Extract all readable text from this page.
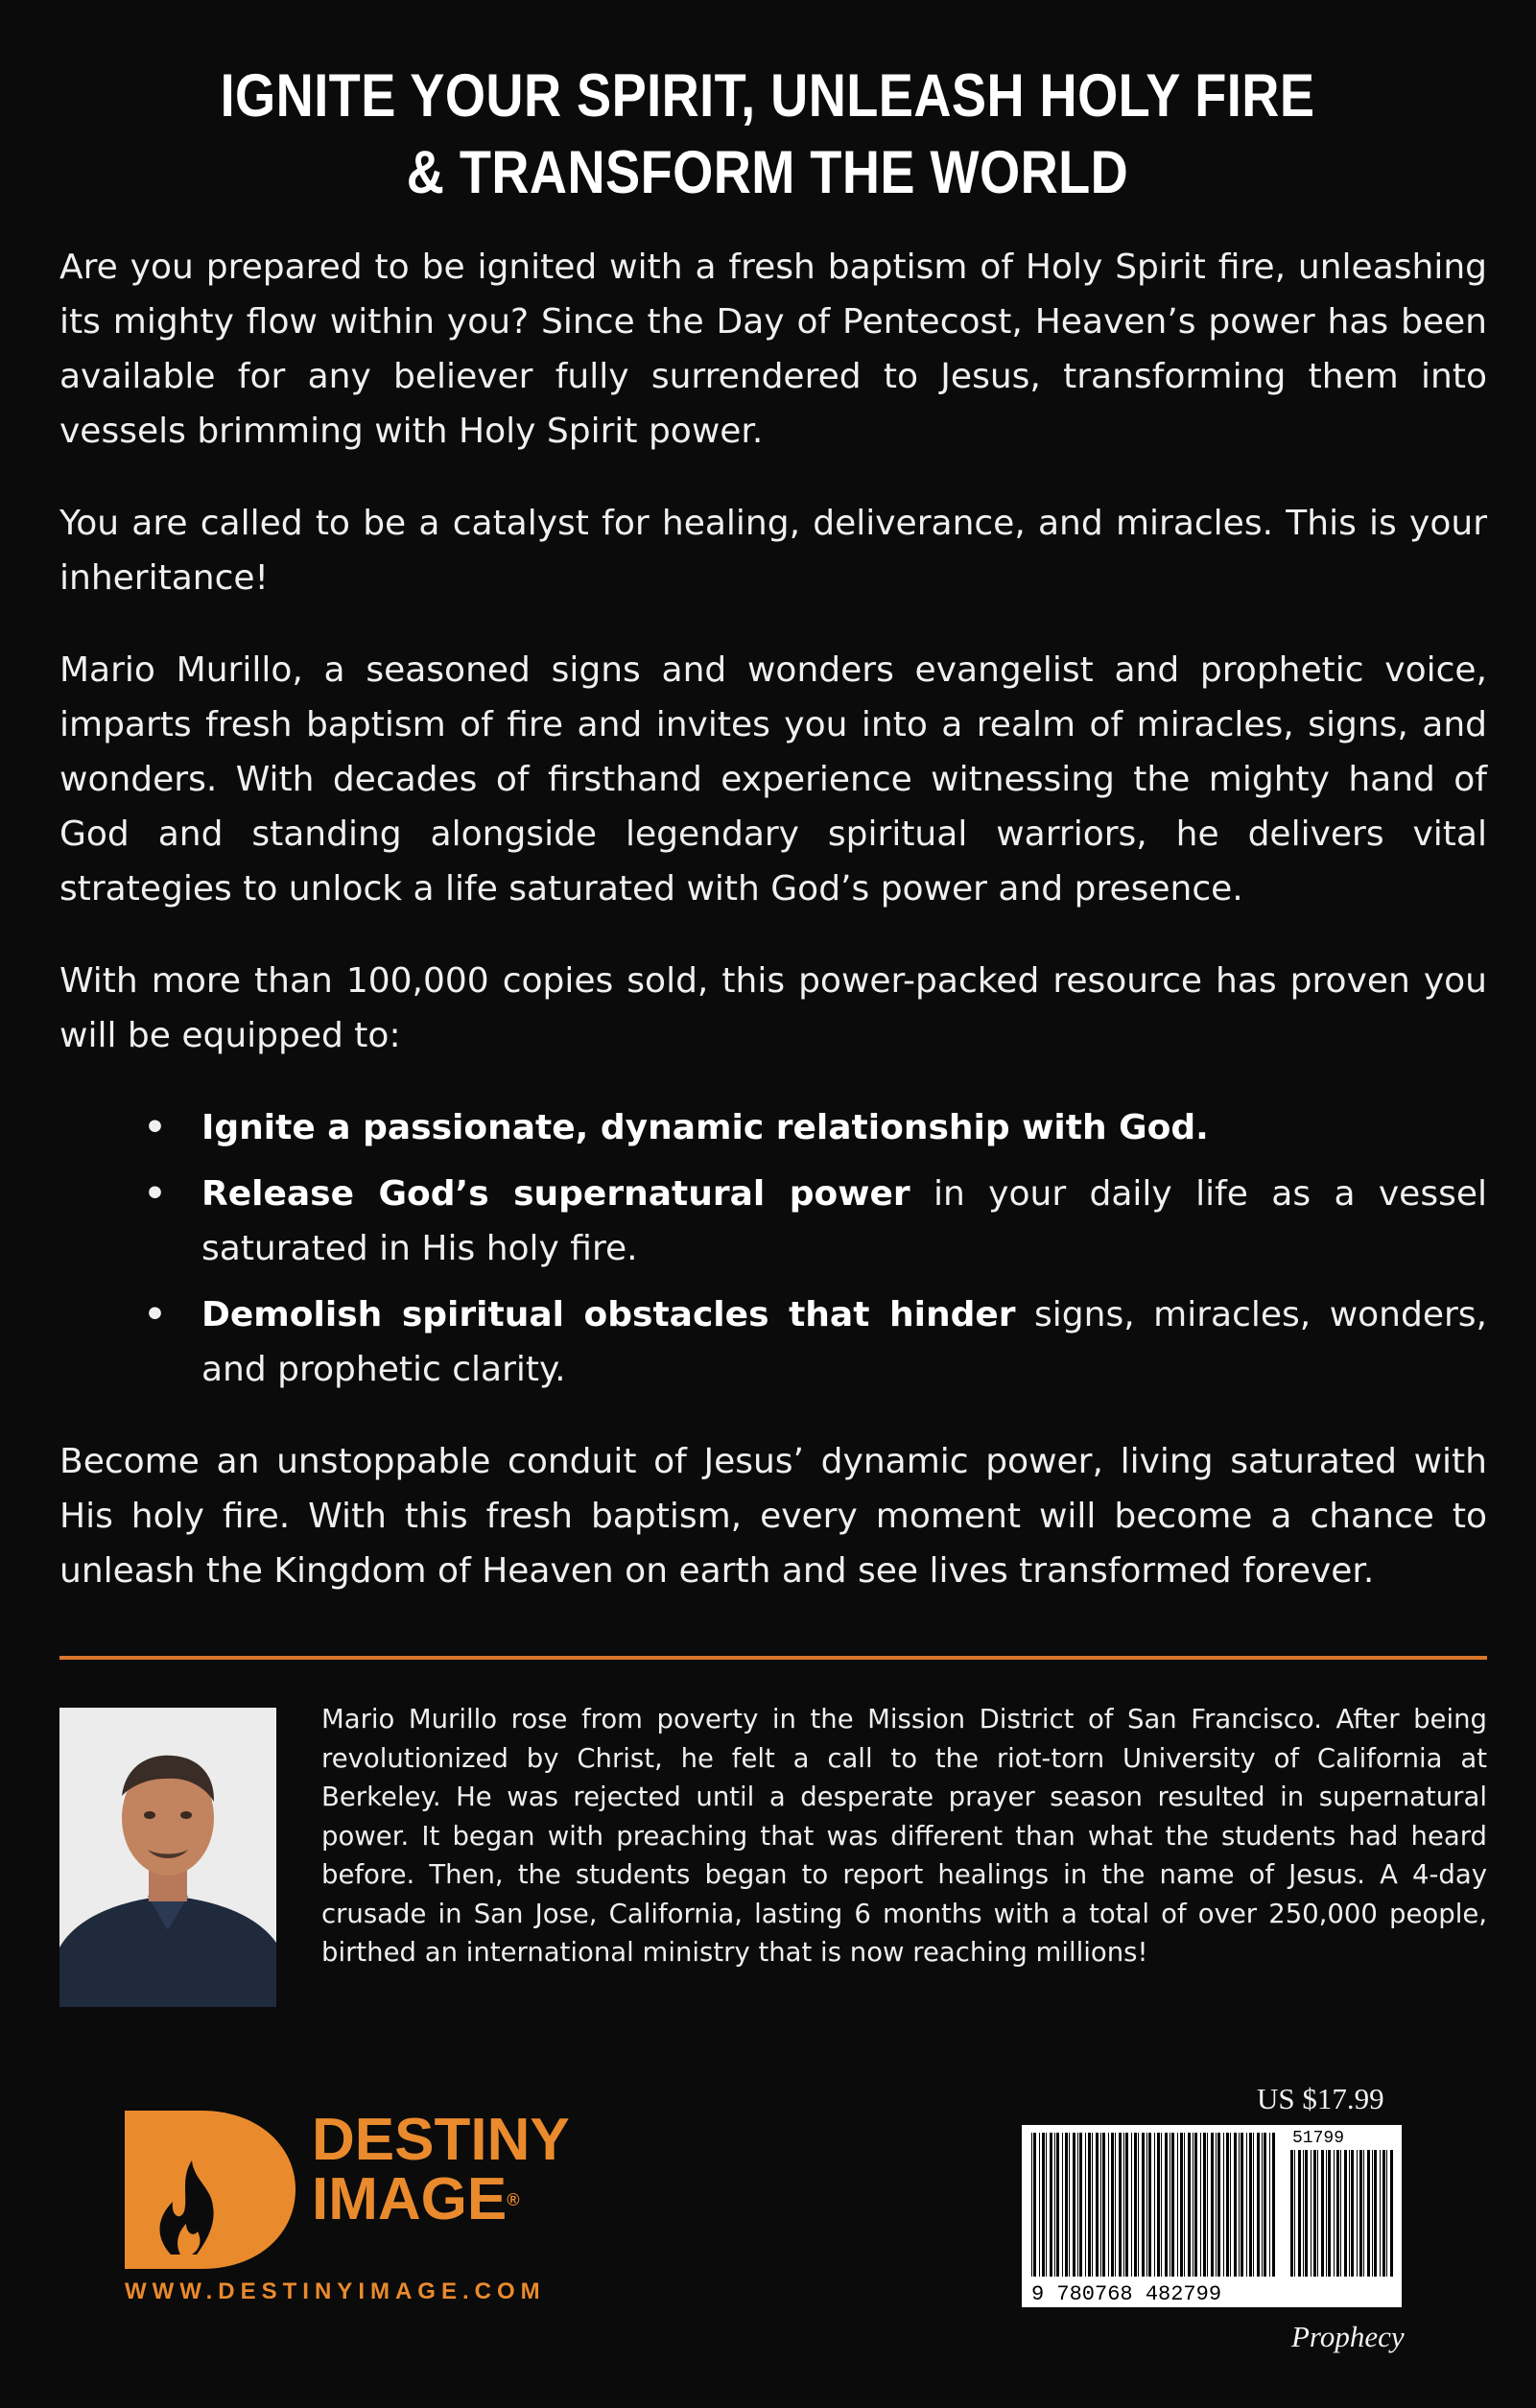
IGNITE YOUR SPIRIT, UNLEASH HOLY FIRE
& TRANSFORM THE WORLD

Are you prepared to be ignited with a fresh baptism of Holy Spirit fire, unleashing its mighty flow within you? Since the Day of Pentecost, Heaven’s power has been available for any believer fully surrendered to Jesus, transforming them into vessels brimming with Holy Spirit power.

You are called to be a catalyst for healing, deliverance, and miracles. This is your inheritance!

Mario Murillo, a seasoned signs and wonders evangelist and prophetic voice, imparts fresh baptism of fire and invites you into a realm of miracles, signs, and wonders. With decades of firsthand experience witnessing the mighty hand of God and standing alongside legendary spiritual warriors, he delivers vital strategies to unlock a life saturated with God’s power and presence.

With more than 100,000 copies sold, this power-packed resource has proven you will be equipped to:

• Ignite a passionate, dynamic relationship with God.
• Release God’s supernatural power in your daily life as a vessel saturated in His holy fire.
• Demolish spiritual obstacles that hinder signs, miracles, wonders, and prophetic clarity.

Become an unstoppable conduit of Jesus’ dynamic power, living saturated with His holy fire. With this fresh baptism, every moment will become a chance to unleash the Kingdom of Heaven on earth and see lives transformed forever.

Mario Murillo rose from poverty in the Mission District of San Francisco. After being revolutionized by Christ, he felt a call to the riot-torn University of California at Berkeley. He was rejected until a desperate prayer season resulted in supernatural power. It began with preaching that was different than what the students had heard before. Then, the students began to report healings in the name of Jesus. A 4-day crusade in San Jose, California, lasting 6 months with a total of over 250,000 people, birthed an international ministry that is now reaching millions!
DESTINY
IMAGE®
WWW.DESTINYIMAGE.COM
US $17.99
9 780768 482799
51799
Prophecy
